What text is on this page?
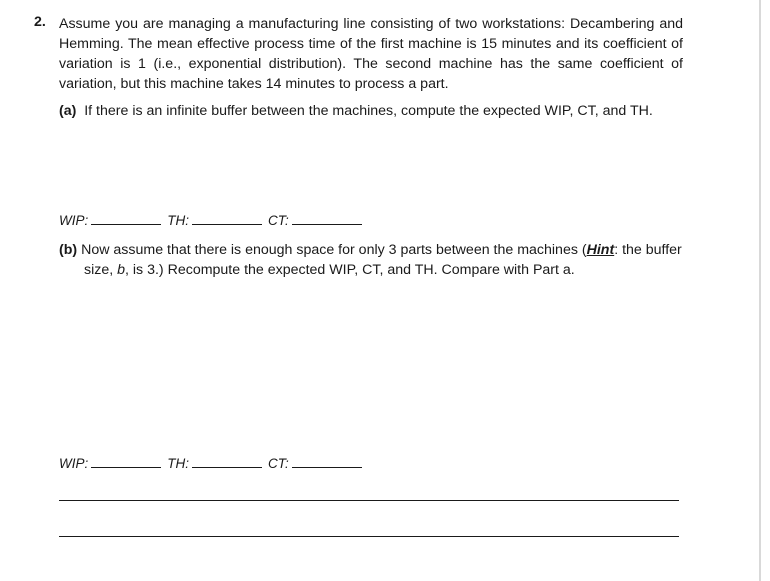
2. Assume you are managing a manufacturing line consisting of two workstations: Decambering and Hemming. The mean effective process time of the first machine is 15 minutes and its coefficient of variation is 1 (i.e., exponential distribution). The second machine has the same coefficient of variation, but this machine takes 14 minutes to process a part.
(a) If there is an infinite buffer between the machines, compute the expected WIP, CT, and TH.
WIP:	TH:	CT:
(b) Now assume that there is enough space for only 3 parts between the machines (Hint: the buffer size, b, is 3.) Recompute the expected WIP, CT, and TH. Compare with Part a.
WIP:	TH:	CT:
